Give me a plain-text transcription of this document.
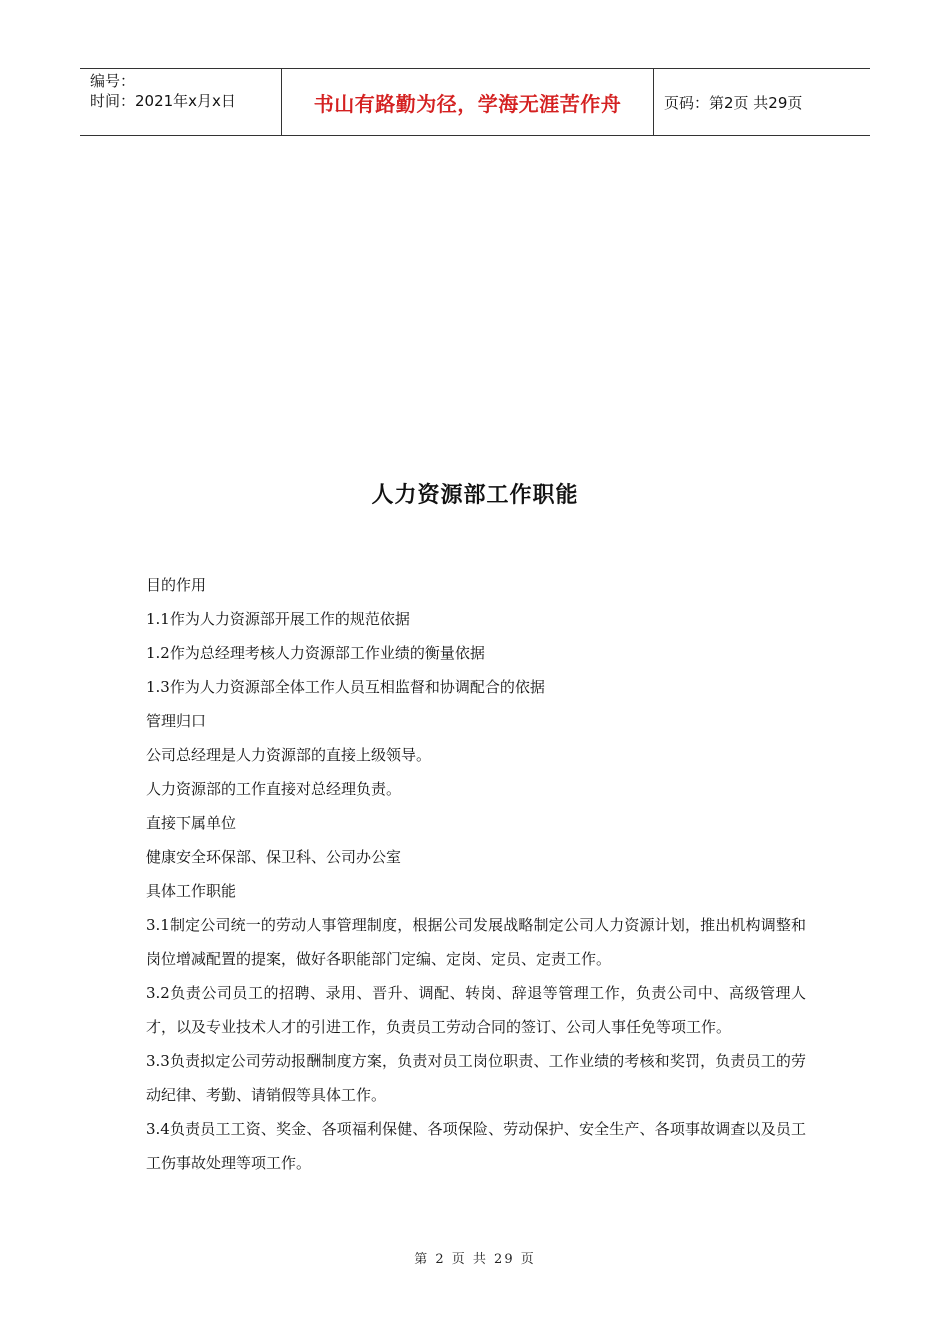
编号：
时间：2021年x月x日	书山有路勤为径，学海无涯苦作舟	页码：第2页 共29页
人力资源部工作职能

目的作用

1.1作为人力资源部开展工作的规范依据

1.2作为总经理考核人力资源部工作业绩的衡量依据

1.3作为人力资源部全体工作人员互相监督和协调配合的依据

管理归口

公司总经理是人力资源部的直接上级领导。

人力资源部的工作直接对总经理负责。

直接下属单位

健康安全环保部、保卫科、公司办公室

具体工作职能

3.1制定公司统一的劳动人事管理制度，根据公司发展战略制定公司人力资源计划，推出机构调整和岗位增减配置的提案，做好各职能部门定编、定岗、定员、定责工作。

3.2负责公司员工的招聘、录用、晋升、调配、转岗、辞退等管理工作，负责公司中、高级管理人才，以及专业技术人才的引进工作，负责员工劳动合同的签订、公司人事任免等项工作。

3.3负责拟定公司劳动报酬制度方案，负责对员工岗位职责、工作业绩的考核和奖罚，负责员工的劳动纪律、考勤、请销假等具体工作。

3.4负责员工工资、奖金、各项福利保健、各项保险、劳动保护、安全生产、各项事故调查以及员工工伤事故处理等项工作。

第 2 页 共 29 页
